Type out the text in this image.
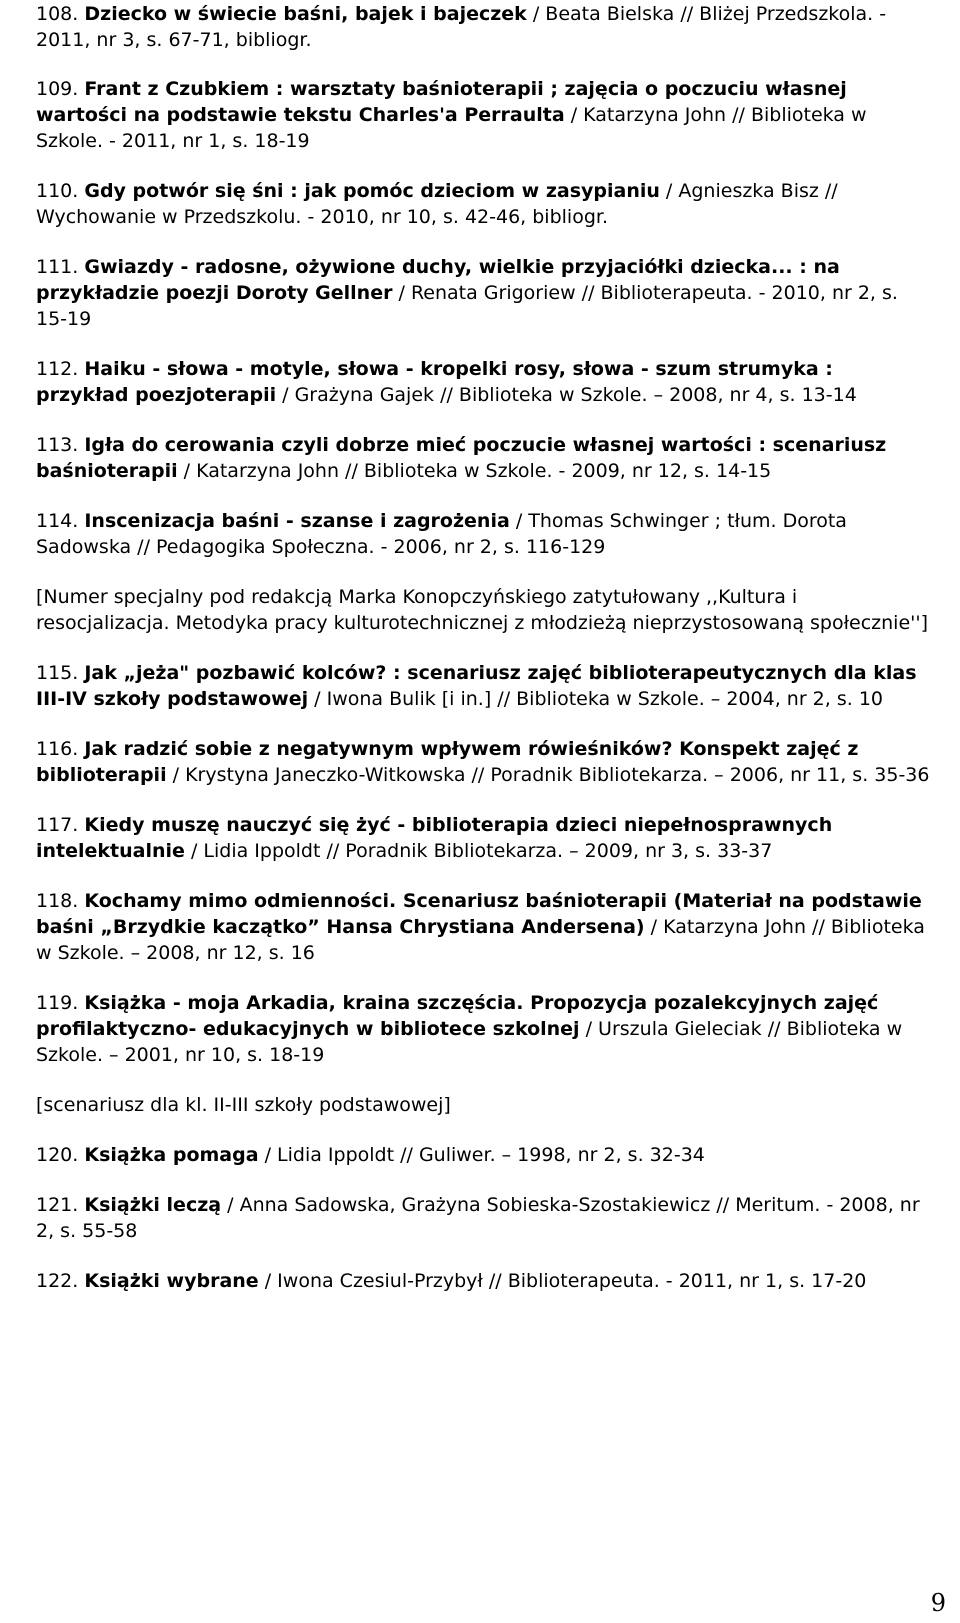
108. Dziecko w świecie baśni, bajek i bajeczek / Beata Bielska // Bliżej Przedszkola. - 2011, nr 3, s. 67-71, bibliogr.

109. Frant z Czubkiem : warsztaty baśnioterapii ; zajęcia o poczuciu własnej wartości na podstawie tekstu Charles'a Perraulta / Katarzyna John // Biblioteka w Szkole. - 2011, nr 1, s. 18-19

110. Gdy potwór się śni : jak pomóc dzieciom w zasypianiu / Agnieszka Bisz // Wychowanie w Przedszkolu. - 2010, nr 10, s. 42-46, bibliogr.

111. Gwiazdy - radosne, ożywione duchy, wielkie przyjaciółki dziecka... : na przykładzie poezji Doroty Gellner / Renata Grigoriew // Biblioterapeuta. - 2010, nr 2, s. 15-19

112. Haiku - słowa - motyle, słowa - kropelki rosy, słowa - szum strumyka : przykład poezjoterapii / Grażyna Gajek // Biblioteka w Szkole. – 2008, nr 4, s. 13-14

113. Igła do cerowania czyli dobrze mieć poczucie własnej wartości : scenariusz baśnioterapii / Katarzyna John // Biblioteka w Szkole. - 2009, nr 12, s. 14-15

114. Inscenizacja baśni - szanse i zagrożenia / Thomas Schwinger ; tłum. Dorota Sadowska // Pedagogika Społeczna. - 2006, nr 2, s. 116-129

[Numer specjalny pod redakcją Marka Konopczyńskiego zatytułowany ,,Kultura i resocjalizacja. Metodyka pracy kulturotechnicznej z młodzieżą nieprzystosowaną społecznie'']

115. Jak „jeża" pozbawić kolców? : scenariusz zajęć biblioterapeutycznych dla klas III-IV szkoły podstawowej / Iwona Bulik [i in.] // Biblioteka w Szkole. – 2004, nr 2, s. 10

116. Jak radzić sobie z negatywnym wpływem rówieśników? Konspekt zajęć z biblioterapii / Krystyna Janeczko-Witkowska // Poradnik Bibliotekarza. – 2006, nr 11, s. 35-36

117. Kiedy muszę nauczyć się żyć - biblioterapia dzieci niepełnosprawnych intelektualnie / Lidia Ippoldt // Poradnik Bibliotekarza. – 2009, nr 3, s. 33-37

118. Kochamy mimo odmienności. Scenariusz baśnioterapii (Materiał na podstawie baśni „Brzydkie kaczątko” Hansa Chrystiana Andersena) / Katarzyna John // Biblioteka w Szkole. – 2008, nr 12, s. 16

119. Książka - moja Arkadia, kraina szczęścia. Propozycja pozalekcyjnych zajęć profilaktyczno- edukacyjnych w bibliotece szkolnej / Urszula Gieleciak // Biblioteka w Szkole. – 2001, nr 10, s. 18-19

[scenariusz dla kl. II-III szkoły podstawowej]

120. Książka pomaga / Lidia Ippoldt // Guliwer. – 1998, nr 2, s. 32-34

121. Książki leczą / Anna Sadowska, Grażyna Sobieska-Szostakiewicz // Meritum. - 2008, nr 2, s. 55-58

122. Książki wybrane / Iwona Czesiul-Przybył // Biblioterapeuta. - 2011, nr 1, s. 17-20

9
